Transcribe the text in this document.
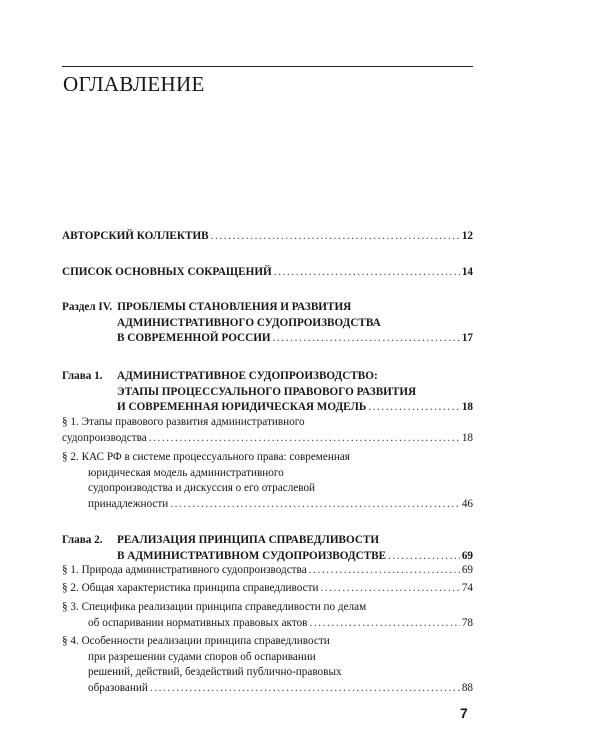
ОГЛАВЛЕНИЕ
АВТОРСКИЙ КОЛЛЕКТИВ . . .	12
СПИСОК ОСНОВНЫХ СОКРАЩЕНИЙ . . .	14
Раздел IV. ПРОБЛЕМЫ СТАНОВЛЕНИЯ И РАЗВИТИЯ
АДМИНИСТРАТИВНОГО СУДОПРОИЗВОДСТВА
В СОВРЕМЕННОЙ РОССИИ . . .	17
Глава 1.	АДМИНИСТРАТИВНОЕ СУДОПРОИЗВОДСТВО:
ЭТАПЫ ПРОЦЕССУАЛЬНОГО ПРАВОВОГО РАЗВИТИЯ
И СОВРЕМЕННАЯ ЮРИДИЧЕСКАЯ МОДЕЛЬ . . .	18
§ 1. Этапы правового развития административного
судопроизводства . . .	18
§ 2. КАС РФ в системе процессуального права: современная
юридическая модель административного
судопроизводства и дискуссия о его отраслевой
принадлежности . . .	46
Глава 2.	РЕАЛИЗАЦИЯ ПРИНЦИПА СПРАВЕДЛИВОСТИ
В АДМИНИСТРАТИВНОМ СУДОПРОИЗВОДСТВЕ . . .	69
§ 1. Природа административного судопроизводства . . .	69
§ 2. Общая характеристика принципа справедливости . . .	74
§ 3. Специфика реализации принципа справедливости по делам
об оспаривании нормативных правовых актов . . .	78
§ 4. Особенности реализации принципа справедливости
при разрешении судами споров об оспаривании
решений, действий, бездействий публично-правовых
образований . . .	88
7
